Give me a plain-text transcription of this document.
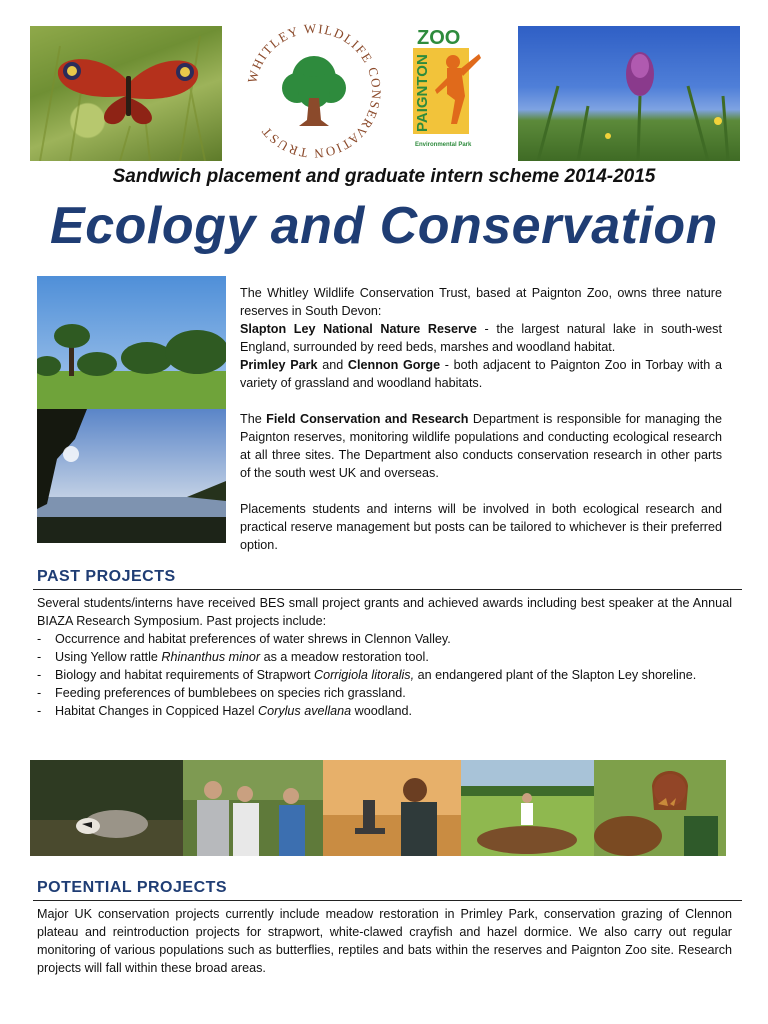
WHITLEY WILDLIFE CONSERVATION TRUST
ZOO
PAIGNTON
Environmental Park
Sandwich placement and graduate intern scheme 2014-2015
Ecology and Conservation

The Whitley Wildlife Conservation Trust, based at Paignton Zoo, owns three nature reserves in South Devon:

Slapton Ley National Nature Reserve - the largest natural lake in south-west England, surrounded by reed beds, marshes and woodland habitat.

Primley Park and Clennon Gorge - both adjacent to Paignton Zoo in Torbay with a variety of grassland and woodland habitats.

The Field Conservation and Research Department is responsible for managing the Paignton reserves, monitoring wildlife populations and conducting ecological research at all three sites. The Department also conducts conservation research in other parts of the south west UK and overseas.

Placements students and interns will be involved in both ecological research and practical reserve management but posts can be tailored to whichever is their preferred option.

PAST PROJECTS

Several students/interns have received BES small project grants and achieved awards including best speaker at the Annual BIAZA Research Symposium. Past projects include:

- Occurrence and habitat preferences of water shrews in Clennon Valley.
- Using Yellow rattle Rhinanthus minor as a meadow restoration tool.
- Biology and habitat requirements of Strapwort Corrigiola litoralis, an endangered plant of the Slapton Ley shoreline.
- Feeding preferences of bumblebees on species rich grassland.
- Habitat Changes in Coppiced Hazel Corylus avellana woodland.
POTENTIAL PROJECTS
Major UK conservation projects currently include meadow restoration in Primley Park, conservation grazing of Clennon plateau and reintroduction projects for strapwort, white-clawed crayfish and hazel dormice. We also carry out regular monitoring of various populations such as butterflies, reptiles and bats within the reserves and Paignton Zoo site. Research projects will fall within these broad areas.
